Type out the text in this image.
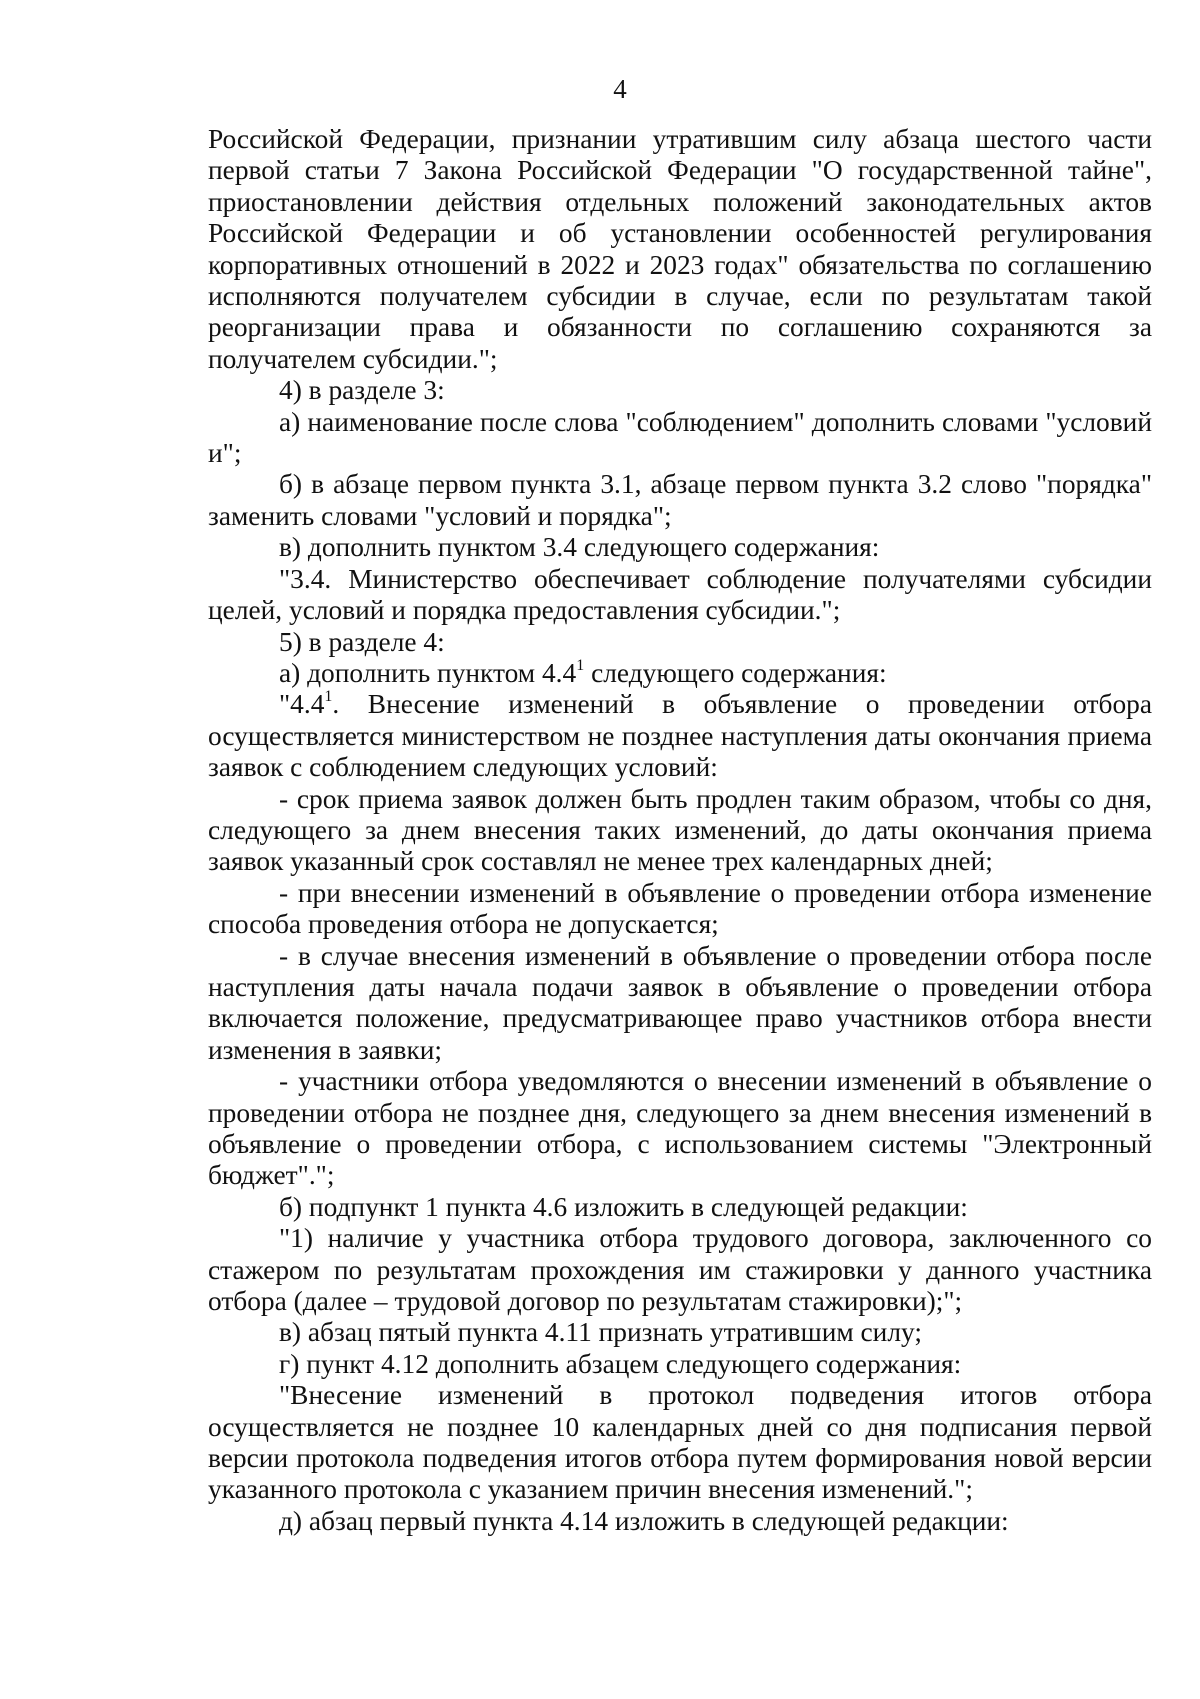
4

Российской Федерации, признании утратившим силу абзаца шестого части первой статьи 7 Закона Российской Федерации "О государственной тайне", приостановлении действия отдельных положений законодательных актов Российской Федерации и об установлении особенностей регулирования корпоративных отношений в 2022 и 2023 годах" обязательства по соглашению исполняются получателем субсидии в случае, если по результатам такой реорганизации права и обязанности по соглашению сохраняются за получателем субсидии.";

4) в разделе 3:

а) наименование после слова "соблюдением" дополнить словами "условий и";

б) в абзаце первом пункта 3.1, абзаце первом пункта 3.2 слово "порядка" заменить словами "условий и порядка";

в) дополнить пунктом 3.4 следующего содержания:

"3.4. Министерство обеспечивает соблюдение получателями субсидии целей, условий и порядка предоставления субсидии.";

5) в разделе 4:

а) дополнить пунктом $4.4^1$ следующего содержания:

"$4.4^1$. Внесение изменений в объявление о проведении отбора осуществляется министерством не позднее наступления даты окончания приема заявок с соблюдением следующих условий:

- срок приема заявок должен быть продлен таким образом, чтобы со дня, следующего за днем внесения таких изменений, до даты окончания приема заявок указанный срок составлял не менее трех календарных дней;

- при внесении изменений в объявление о проведении отбора изменение способа проведения отбора не допускается;

- в случае внесения изменений в объявление о проведении отбора после наступления даты начала подачи заявок в объявление о проведении отбора включается положение, предусматривающее право участников отбора внести изменения в заявки;

- участники отбора уведомляются о внесении изменений в объявление о проведении отбора не позднее дня, следующего за днем внесения изменений в объявление о проведении отбора, с использованием системы "Электронный бюджет".";

б) подпункт 1 пункта 4.6 изложить в следующей редакции:

"1) наличие у участника отбора трудового договора, заключенного со стажером по результатам прохождения им стажировки у данного участника отбора (далее – трудовой договор по результатам стажировки);";

в) абзац пятый пункта 4.11 признать утратившим силу;

г) пункт 4.12 дополнить абзацем следующего содержания:

"Внесение изменений в протокол подведения итогов отбора осуществляется не позднее 10 календарных дней со дня подписания первой версии протокола подведения итогов отбора путем формирования новой версии указанного протокола с указанием причин внесения изменений.";

д) абзац первый пункта 4.14 изложить в следующей редакции:
